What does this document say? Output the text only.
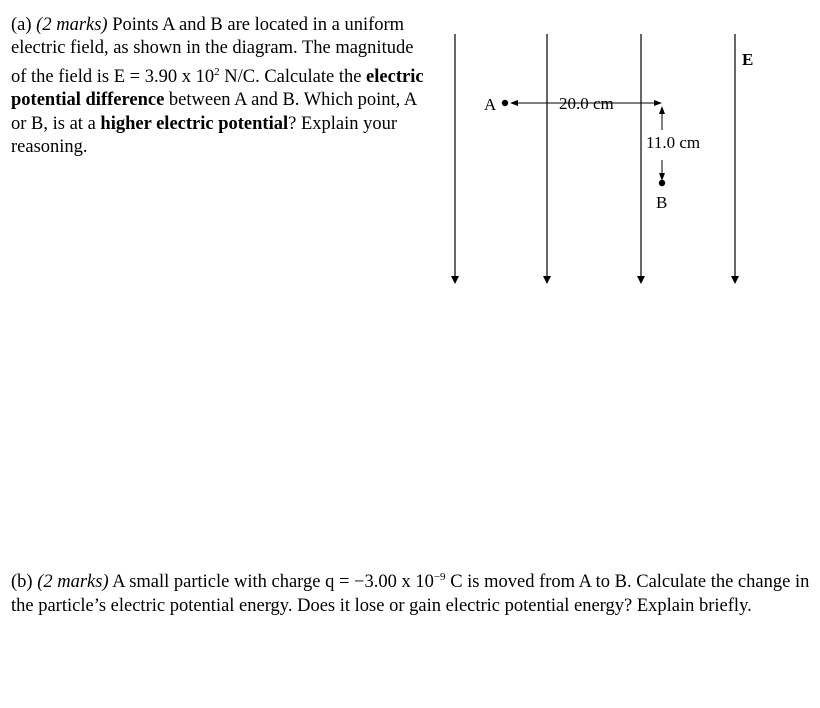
(a) (2 marks) Points A and B are located in a uniform electric field, as shown in the diagram. The magnitude of the field is E = 3.90 x $10^2$ N/C. Calculate the electric potential difference between A and B. Which point, A or B, is at a higher electric potential? Explain your reasoning.

E
A	20.0 cm
11.0 cm
B

(b) (2 marks) A small particle with charge q = −3.00 x $10^{-9}$ C is moved from A to B. Calculate the change in the particle’s electric potential energy. Does it lose or gain electric potential energy? Explain briefly.
